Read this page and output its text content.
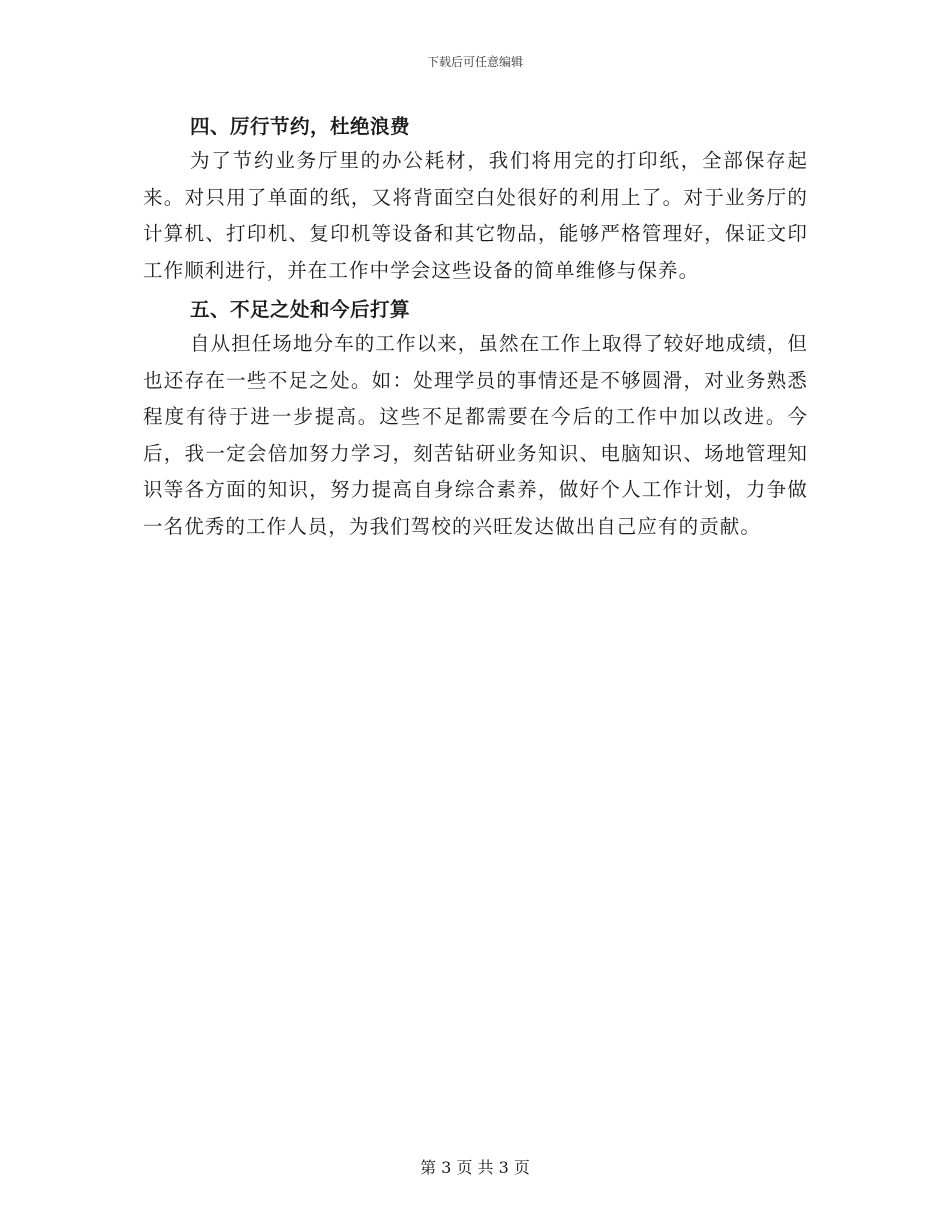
下载后可任意编辑

四、厉行节约，杜绝浪费

为了节约业务厅里的办公耗材，我们将用完的打印纸，全部保存起来。对只用了单面的纸，又将背面空白处很好的利用上了。对于业务厅的计算机、打印机、复印机等设备和其它物品，能够严格管理好，保证文印工作顺利进行，并在工作中学会这些设备的简单维修与保养。

五、不足之处和今后打算

自从担任场地分车的工作以来，虽然在工作上取得了较好地成绩，但也还存在一些不足之处。如：处理学员的事情还是不够圆滑，对业务熟悉程度有待于进一步提高。这些不足都需要在今后的工作中加以改进。今后，我一定会倍加努力学习，刻苦钻研业务知识、电脑知识、场地管理知识等各方面的知识，努力提高自身综合素养，做好个人工作计划，力争做一名优秀的工作人员，为我们驾校的兴旺发达做出自己应有的贡献。

第 3 页 共 3 页
